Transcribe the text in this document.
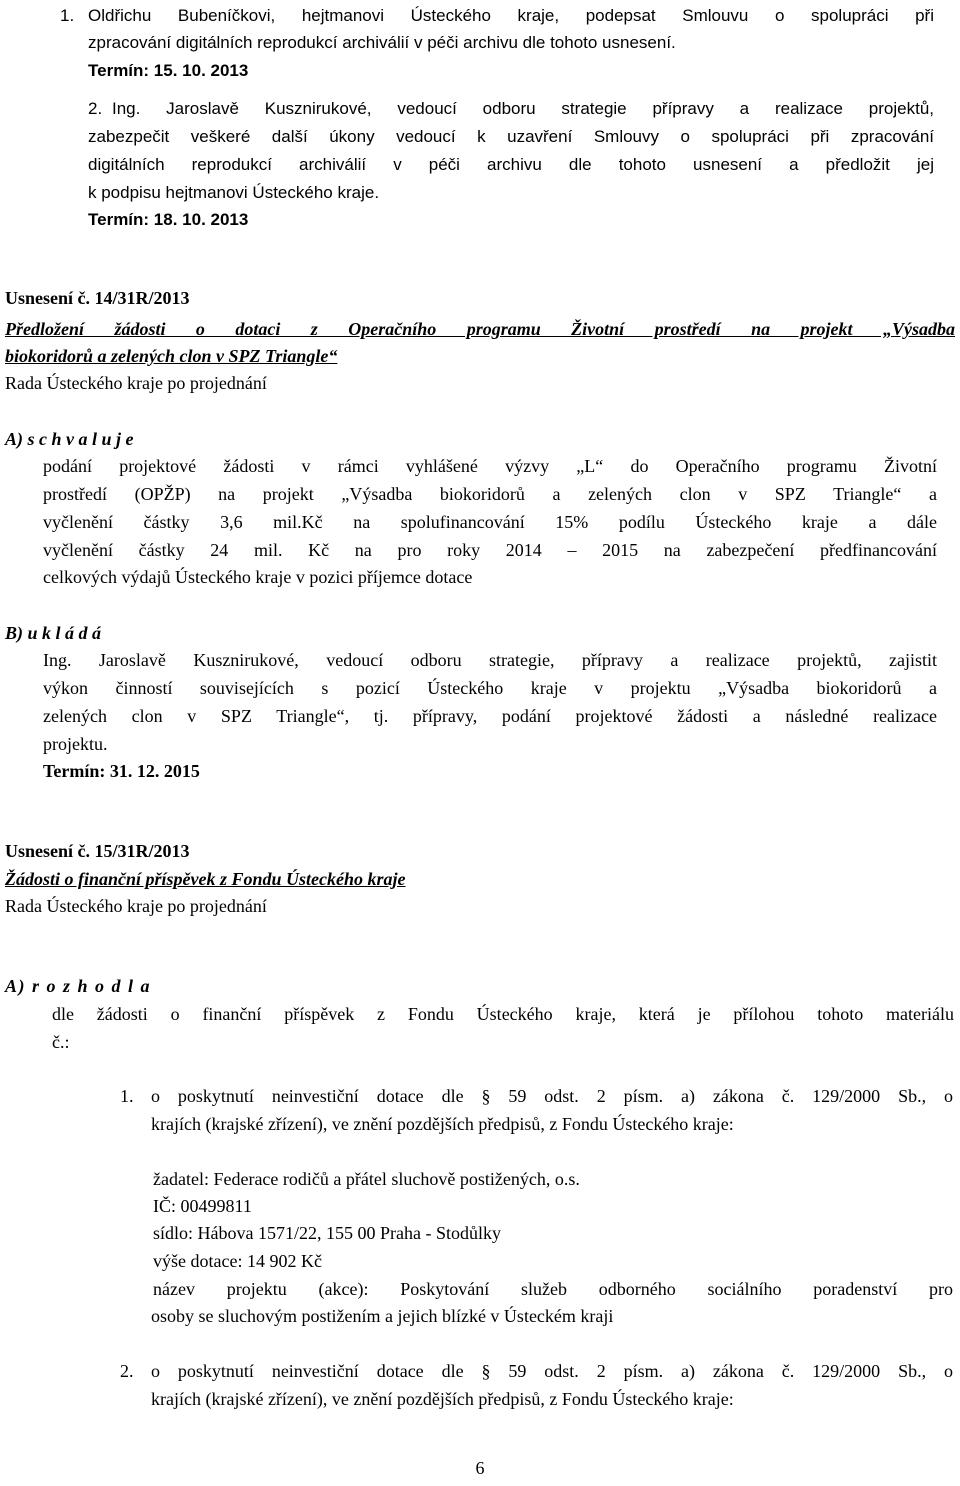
1. Oldřichu Bubeníčkovi, hejtmanovi Ústeckého kraje, podepsat Smlouvu o spolupráci při
zpracování digitálních reprodukcí archiválií v péči archivu dle tohoto usnesení.
Termín: 15. 10. 2013
2. Ing. Jaroslavě Kusznirukové, vedoucí odboru strategie přípravy a realizace projektů,
zabezpečit veškeré další úkony vedoucí k uzavření Smlouvy o spolupráci při zpracování
digitálních reprodukcí archiválií v péči archivu dle tohoto usnesení a předložit jej
k podpisu hejtmanovi Ústeckého kraje.
Termín: 18. 10. 2013
Usnesení č. 14/31R/2013
Předložení žádosti o dotaci z Operačního programu Životní prostředí na projekt „Výsadba
biokoridorů a zelených clon v SPZ Triangle“
Rada Ústeckého kraje po projednání
A) s c h v a l u j e
podání projektové žádosti v rámci vyhlášené výzvy „L“ do Operačního programu Životní
prostředí (OPŽP) na projekt „Výsadba biokoridorů a zelených clon v SPZ Triangle“ a
vyčlenění částky 3,6 mil.Kč na spolufinancování 15% podílu Ústeckého kraje a dále
vyčlenění částky 24 mil. Kč na pro roky 2014 – 2015 na zabezpečení předfinancování
celkových výdajů Ústeckého kraje v pozici příjemce dotace
B) u k l á d á
Ing. Jaroslavě Kusznirukové, vedoucí odboru strategie, přípravy a realizace projektů, zajistit
výkon činností souvisejících s pozicí Ústeckého kraje v projektu „Výsadba biokoridorů a
zelených clon v SPZ Triangle“, tj. přípravy, podání projektové žádosti a následné realizace
projektu.
Termín: 31. 12. 2015
Usnesení č. 15/31R/2013
Žádosti o finanční příspěvek z Fondu Ústeckého kraje
Rada Ústeckého kraje po projednání
A) r o z h o d l a
dle žádosti o finanční příspěvek z Fondu Ústeckého kraje, která je přílohou tohoto materiálu
č.:
1. o poskytnutí neinvestiční dotace dle § 59 odst. 2 písm. a) zákona č. 129/2000 Sb., o
krajích (krajské zřízení), ve znění pozdějších předpisů, z Fondu Ústeckého kraje:
žadatel: Federace rodičů a přátel sluchově postižených, o.s.
IČ: 00499811
sídlo: Hábova 1571/22, 155 00 Praha - Stodůlky
výše dotace: 14 902 Kč
název projektu (akce): Poskytování služeb odborného sociálního poradenství pro
osoby se sluchovým postižením a jejich blízké v Ústeckém kraji
2. o poskytnutí neinvestiční dotace dle § 59 odst. 2 písm. a) zákona č. 129/2000 Sb., o
krajích (krajské zřízení), ve znění pozdějších předpisů, z Fondu Ústeckého kraje:
6
